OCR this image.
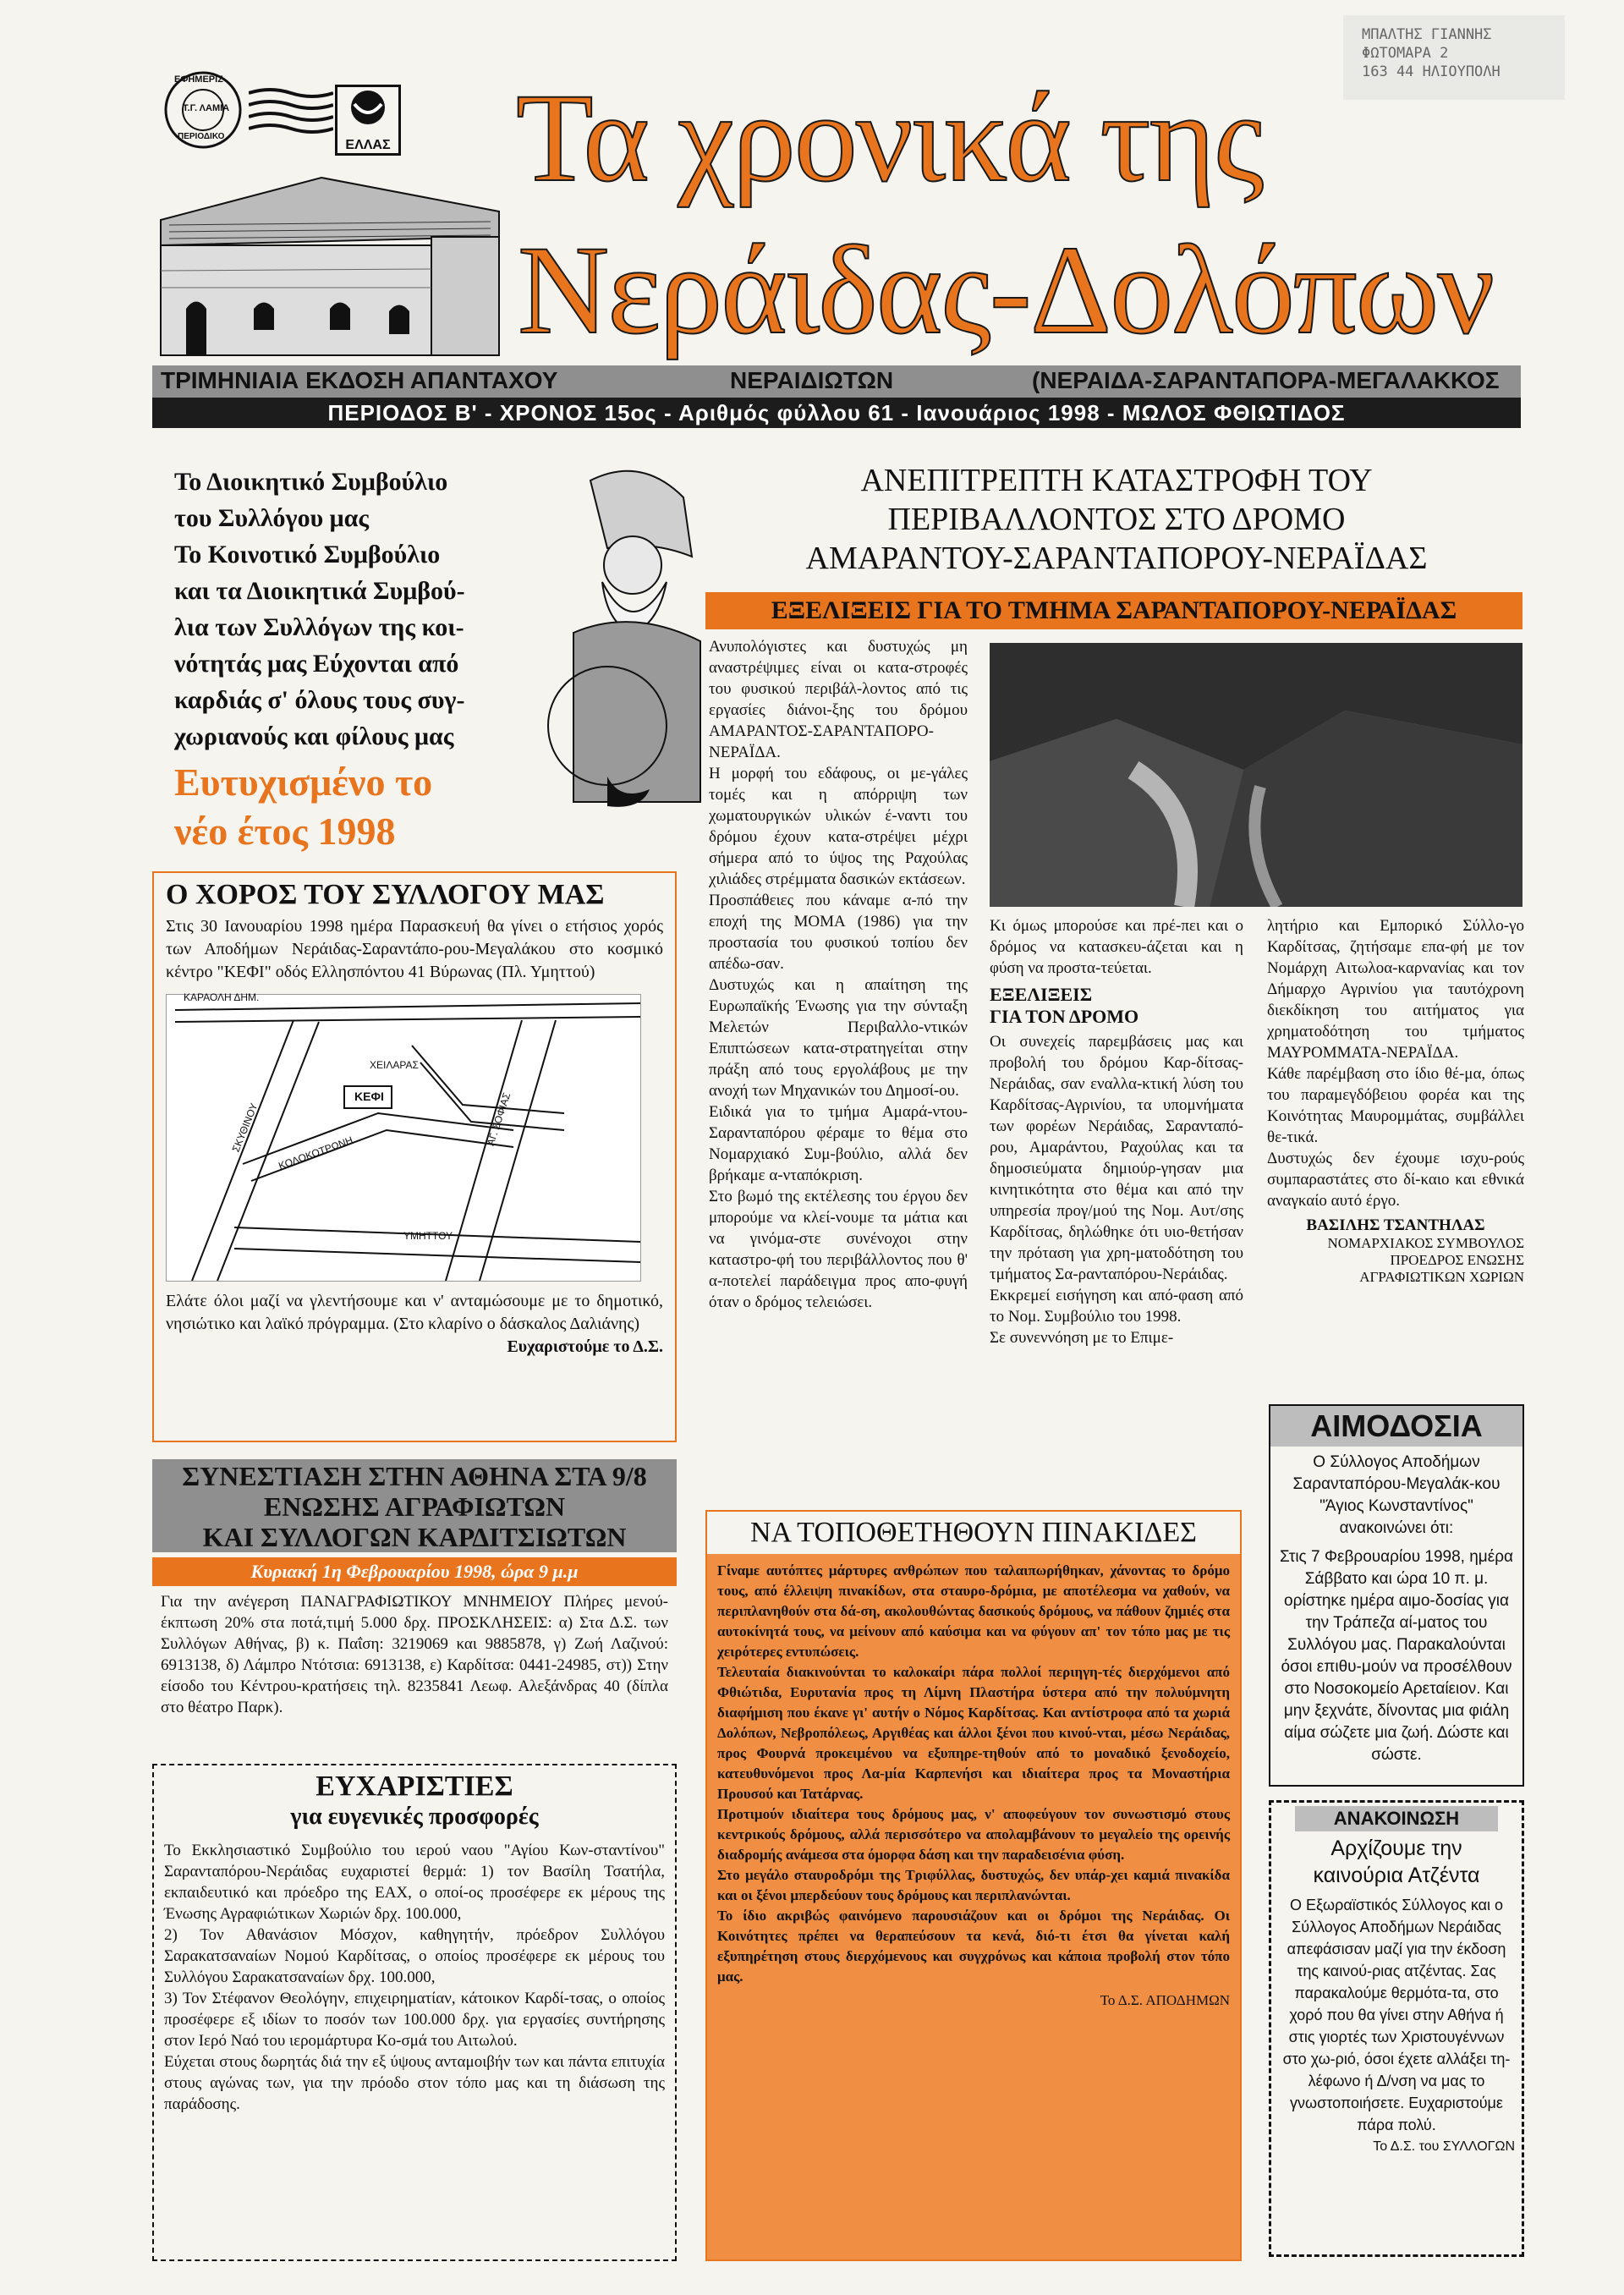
ΜΠΑΛΤΗΣ ΓΙΑΝΝΗΣ
ΦΩΤΟΜΑΡΑ 2
163 44 ΗΛΙΟΥΠΟΛΗ
ΕΦΗΜΕΡΙΣ
Τ.Γ. ΛΑΜΙΑ
ΠΕΡΙΟΔΙΚΟ
ΕΛΛΑΣ Τα χρονικά της
Νεράιδας-Δολόπων
ΤΡΙΜΗΝΙΑΙΑ ΕΚΔΟΣΗ ΑΠΑΝΤΑΧΟΥ	ΝΕΡΑΙΔΙΩΤΩΝ	(ΝΕΡΑΙΔΑ-ΣΑΡΑΝΤΑΠΟΡΑ-ΜΕΓΑΛΑΚΚΟΣ
ΠΕΡΙΟΔΟΣ Β' - ΧΡΟΝΟΣ 15ος - Αριθμός φύλλου 61 - Ιανουάριος 1998 - ΜΩΛΟΣ ΦΘΙΩΤΙΔΟΣ
Το Διοικητικό Συμβούλιο
του Συλλόγου μας
Το Κοινοτικό Συμβούλιο
και τα Διοικητικά Συμβού-
λια των Συλλόγων της κοι-
νότητάς μας Εύχονται από
καρδιάς σ' όλους τους συγ-
χωριανούς και φίλους μας
Ευτυχισμένο το
νέο έτος 1998
Ο ΧΟΡΟΣ ΤΟΥ ΣΥΛΛΟΓΟΥ ΜΑΣ

Στις 30 Ιανουαρίου 1998 ημέρα Παρασκευή θα γίνει ο ετήσιος χορός των Αποδήμων Νεράιδας-Σαραντάπο-ρου-Μεγαλάκου στο κοσμικό κέντρο "ΚΕΦΙ" οδός Ελλησπόντου 41 Βύρωνας (Πλ. Υμηττού)

ΚΑΡΑΟΛΗ ΔΗΜ.
ΧΕΙΛΑΡΑΣ
ΣΚΥΘΙΝΟΥ
ΚΕΦΙ
ΚΟΛΟΚΟΤΡΩΝΗ
ΥΜΗΤΤΟΥ
ΑΓ. ΣΟΦΙΑΣ

Ελάτε όλοι μαζί να γλεντήσουμε και ν' ανταμώσουμε με το δημοτικό, νησιώτικο και λαϊκό πρόγραμμα. (Στο κλαρίνο ο δάσκαλος Δαλιάνης)

Ευχαριστούμε το Δ.Σ.
ΣΥΝΕΣΤΙΑΣΗ ΣΤΗΝ ΑΘΗΝΑ ΣΤΑ 9/8
ΕΝΩΣΗΣ ΑΓΡΑΦΙΩΤΩΝ
ΚΑΙ ΣΥΛΛΟΓΩΝ ΚΑΡΔΙΤΣΙΩΤΩΝ
Κυριακή 1η Φεβρουαρίου 1998, ώρα 9 μ.μ

Για την ανέγερση ΠΑΝΑΓΡΑΦΙΩΤΙΚΟΥ ΜΝΗΜΕΙΟΥ Πλήρες μενού-έκπτωση 20% στα ποτά,τιμή 5.000 δρχ. ΠΡΟΣΚΛΗΣΕΙΣ: α) Στα Δ.Σ. των Συλλόγων Αθήνας, β) κ. Παΐση: 3219069 και 9885878, γ) Ζωή Λαζινού: 6913138, δ) Λάμπρο Ντότσια: 6913138, ε) Καρδίτσα: 0441-24985, στ)) Στην είσοδο του Κέντρου-κρατήσεις τηλ. 8235841 Λεωφ. Αλεξάνδρας 40 (δίπλα στο θέατρο Παρκ).

ΕΥΧΑΡΙΣΤΙΕΣ
για ευγενικές προσφορές

Το Εκκλησιαστικό Συμβούλιο του ιερού ναου "Αγίου Κων-σταντίνου" Σαρανταπόρου-Νεράιδας ευχαριστεί θερμά: 1) τον Βασίλη Τσατήλα, εκπαιδευτικό και πρόεδρο της ΕΑΧ, ο οποί-ος προσέφερε εκ μέρους της Ένωσης Αγραφιώτικων Χωριών δρχ. 100.000,

2) Τον Αθανάσιον Μόσχον, καθηγητήν, πρόεδρον Συλλόγου Σαρακατσαναίων Νομού Καρδίτσας, ο οποίος προσέφερε εκ μέρους του Συλλόγου Σαρακατσαναίων δρχ. 100.000,

3) Τον Στέφανον Θεολόγην, επιχειρηματίαν, κάτοικον Καρδί-τσας, ο οποίος προσέφερε εξ ιδίων το ποσόν των 100.000 δρχ. για εργασίες συντήρησης στον Ιερό Ναό του ιερομάρτυρα Κο-σμά του Αιτωλού.

Εύχεται στους δωρητάς διά την εξ ύψους ανταμοιβήν των και πάντα επιτυχία στους αγώνας των, για την πρόοδο στον τόπο μας και τη διάσωση της παράδοσης.

ΑΝΕΠΙΤΡΕΠΤΗ ΚΑΤΑΣΤΡΟΦΗ ΤΟΥ
ΠΕΡΙΒΑΛΛΟΝΤΟΣ ΣΤΟ ΔΡΟΜΟ
ΑΜΑΡΑΝΤΟΥ-ΣΑΡΑΝΤΑΠΟΡΟΥ-ΝΕΡΑΪΔΑΣ
ΕΞΕΛΙΞΕΙΣ ΓΙΑ ΤΟ ΤΜΗΜΑ ΣΑΡΑΝΤΑΠΟΡΟΥ-ΝΕΡΑΪΔΑΣ

Ανυπολόγιστες και δυστυχώς μη αναστρέψιμες είναι οι κατα-στροφές του φυσικού περιβάλ-λοντος από τις εργασίες διάνοι-ξης του δρόμου ΑΜΑΡΑΝΤΟΣ-ΣΑΡΑΝΤΑΠΟΡΟ-ΝΕΡΑΪΔΑ.

Η μορφή του εδάφους, οι με-γάλες τομές και η απόρριψη των χωματουργικών υλικών έ-ναντι του δρόμου έχουν κατα-στρέψει μέχρι σήμερα από το ύψος της Ραχούλας χιλιάδες στρέμματα δασικών εκτάσεων.

Προσπάθειες που κάναμε α-πό την εποχή της ΜΟΜΑ (1986) για την προστασία του φυσικού τοπίου δεν απέδω-σαν.

Δυστυχώς και η απαίτηση της Ευρωπαϊκής Ένωσης για την σύνταξη Μελετών Περιβαλλο-ντικών Επιπτώσεων κατα-στρατηγείται στην πράξη από τους εργολάβους με την ανοχή των Μηχανικών του Δημοσί-ου.

Ειδικά για το τμήμα Αμαρά-ντου-Σαρανταπόρου φέραμε το θέμα στο Νομαρχιακό Συμ-βούλιο, αλλά δεν βρήκαμε α-νταπόκριση.

Στο βωμό της εκτέλεσης του έργου δεν μπορούμε να κλεί-νουμε τα μάτια και να γινόμα-στε συνένοχοι στην καταστρο-φή του περιβάλλοντος που θ' α-ποτελεί παράδειγμα προς απο-φυγή όταν ο δρόμος τελειώσει.

Κι όμως μπορούσε και πρέ-πει και ο δρόμος να κατασκευ-άζεται και η φύση να προστα-τεύεται.

ΕΞΕΛΙΞΕΙΣ
ΓΙΑ ΤΟΝ ΔΡΟΜΟ

Οι συνεχείς παρεμβάσεις μας και προβολή του δρόμου Καρ-δίτσας-Νεράιδας, σαν εναλλα-κτική λύση του Καρδίτσας-Αγρινίου, τα υπομνήματα των φορέων Νεράιδας, Σαρανταπό-ρου, Αμαράντου, Ραχούλας και τα δημοσιεύματα δημιούρ-γησαν μια κινητικότητα στο θέμα και από την υπηρεσία προγ/μού της Νομ. Αυτ/σης Καρδίτσας, δηλώθηκε ότι υιο-θετήσαν την πρόταση για χρη-ματοδότηση του τμήματος Σα-ρανταπόρου-Νεράιδας.

Εκκρεμεί εισήγηση και από-φαση από το Νομ. Συμβούλιο του 1998.

Σε συνεννόηση με το Επιμε-

λητήριο και Εμπορικό Σύλλο-γο Καρδίτσας, ζητήσαμε επα-φή με τον Νομάρχη Αιτωλοα-καρνανίας και τον Δήμαρχο Αγρινίου για ταυτόχρονη διεκδίκηση του αιτήματος για χρηματοδότηση του τμήματος ΜΑΥΡΟΜΜΑΤΑ-ΝΕΡΑΪΔΑ.

Κάθε παρέμβαση στο ίδιο θέ-μα, όπως του παραμεγδόβειου φορέα και της Κοινότητας Μαυρομμάτας, συμβάλλει θε-τικά.

Δυστυχώς δεν έχουμε ισχυ-ρούς συμπαραστάτες στο δί-καιο και εθνικά αναγκαίο αυτό έργο.

ΒΑΣΙΛΗΣ ΤΣΑΝΤΗΛΑΣ
ΝΟΜΑΡΧΙΑΚΟΣ ΣΥΜΒΟΥΛΟΣ
ΠΡΟΕΔΡΟΣ ΕΝΩΣΗΣ
ΑΓΡΑΦΙΩΤΙΚΩΝ ΧΩΡΙΩΝ
ΝΑ ΤΟΠΟΘΕΤΗΘΟΥΝ ΠΙΝΑΚΙΔΕΣ

Γίναμε αυτόπτες μάρτυρες ανθρώπων που ταλαιπωρήθηκαν, χάνοντας το δρόμο τους, από έλλειψη πινακίδων, στα σταυρο-δρόμια, με αποτέλεσμα να χαθούν, να περιπλανηθούν στα δά-ση, ακολουθώντας δασικούς δρόμους, να πάθουν ζημιές στα αυτοκίνητά τους, να μείνουν από καύσιμα και να φύγουν απ' τον τόπο μας με τις χειρότερες εντυπώσεις.

Τελευταία διακινούνται το καλοκαίρι πάρα πολλοί περιηγη-τές διερχόμενοι από Φθιώτιδα, Ευρυτανία προς τη Λίμνη Πλαστήρα ύστερα από την πολυύμνητη διαφήμιση που έκανε γι' αυτήν ο Νόμος Καρδίτσας. Και αντίστροφα από τα χωριά Δολόπων, Νεβροπόλεως, Αργιθέας και άλλοι ξένοι που κινού-νται, μέσω Νεράιδας, προς Φουρνά προκειμένου να εξυπηρε-τηθούν από το μοναδικό ξενοδοχείο, κατευθυνόμενοι προς Λα-μία Καρπενήσι και ιδιαίτερα προς τα Μοναστήρια Προυσού και Τατάρνας.

Προτιμούν ιδιαίτερα τους δρόμους μας, ν' αποφεύγουν τον συνωστισμό στους κεντρικούς δρόμους, αλλά περισσότερο να απολαμβάνουν το μεγαλείο της ορεινής διαδρομής ανάμεσα στα όμορφα δάση και την παραδεισένια φύση.

Στο μεγάλο σταυροδρόμι της Τριφύλλας, δυστυχώς, δεν υπάρ-χει καμιά πινακίδα και οι ξένοι μπερδεύουν τους δρόμους και περιπλανώνται.

Το ίδιο ακριβώς φαινόμενο παρουσιάζουν και οι δρόμοι της Νεράιδας. Οι Κοινότητες πρέπει να θεραπεύσουν τα κενά, διό-τι έτσι θα γίνεται καλή εξυπηρέτηση στους διερχόμενους και συγχρόνως και κάποια προβολή στον τόπο μας.

Το Δ.Σ. ΑΠΟΔΗΜΩΝ
ΑΙΜΟΔΟΣΙΑ

Ο Σύλλογος Αποδήμων Σαρανταπόρου-Μεγαλάκ-κου "Άγιος Κωνσταντίνος" ανακοινώνει ότι:

Στις 7 Φεβρουαρίου 1998, ημέρα Σάββατο και ώρα 10 π. μ. ορίστηκε ημέρα αιμο-δοσίας για την Τράπεζα αί-ματος του Συλλόγου μας. Παρακαλούνται όσοι επιθυ-μούν να προσέλθουν στο Νοσοκομείο Αρεταίειον. Και μην ξεχνάτε, δίνοντας μια φιάλη αίμα σώζετε μια ζωή. Δώστε και σώστε.

ΑΝΑΚΟΙΝΩΣΗ
Αρχίζουμε την
καινούρια Ατζέντα

Ο Εξωραϊστικός Σύλλογος και ο Σύλλογος Αποδήμων Νεράιδας απεφάσισαν μαζί για την έκδοση της καινού-ριας ατζέντας. Σας παρακαλούμε θερμότα-τα, στο χορό που θα γίνει στην Αθήνα ή στις γιορτές των Χριστουγέννων στο χω-ριό, όσοι έχετε αλλάξει τη-λέφωνο ή Δ/νση να μας το γνωστοποιήσετε. Ευχαριστούμε πάρα πολύ.

Το Δ.Σ. του ΣΥΛΛΟΓΩΝ
